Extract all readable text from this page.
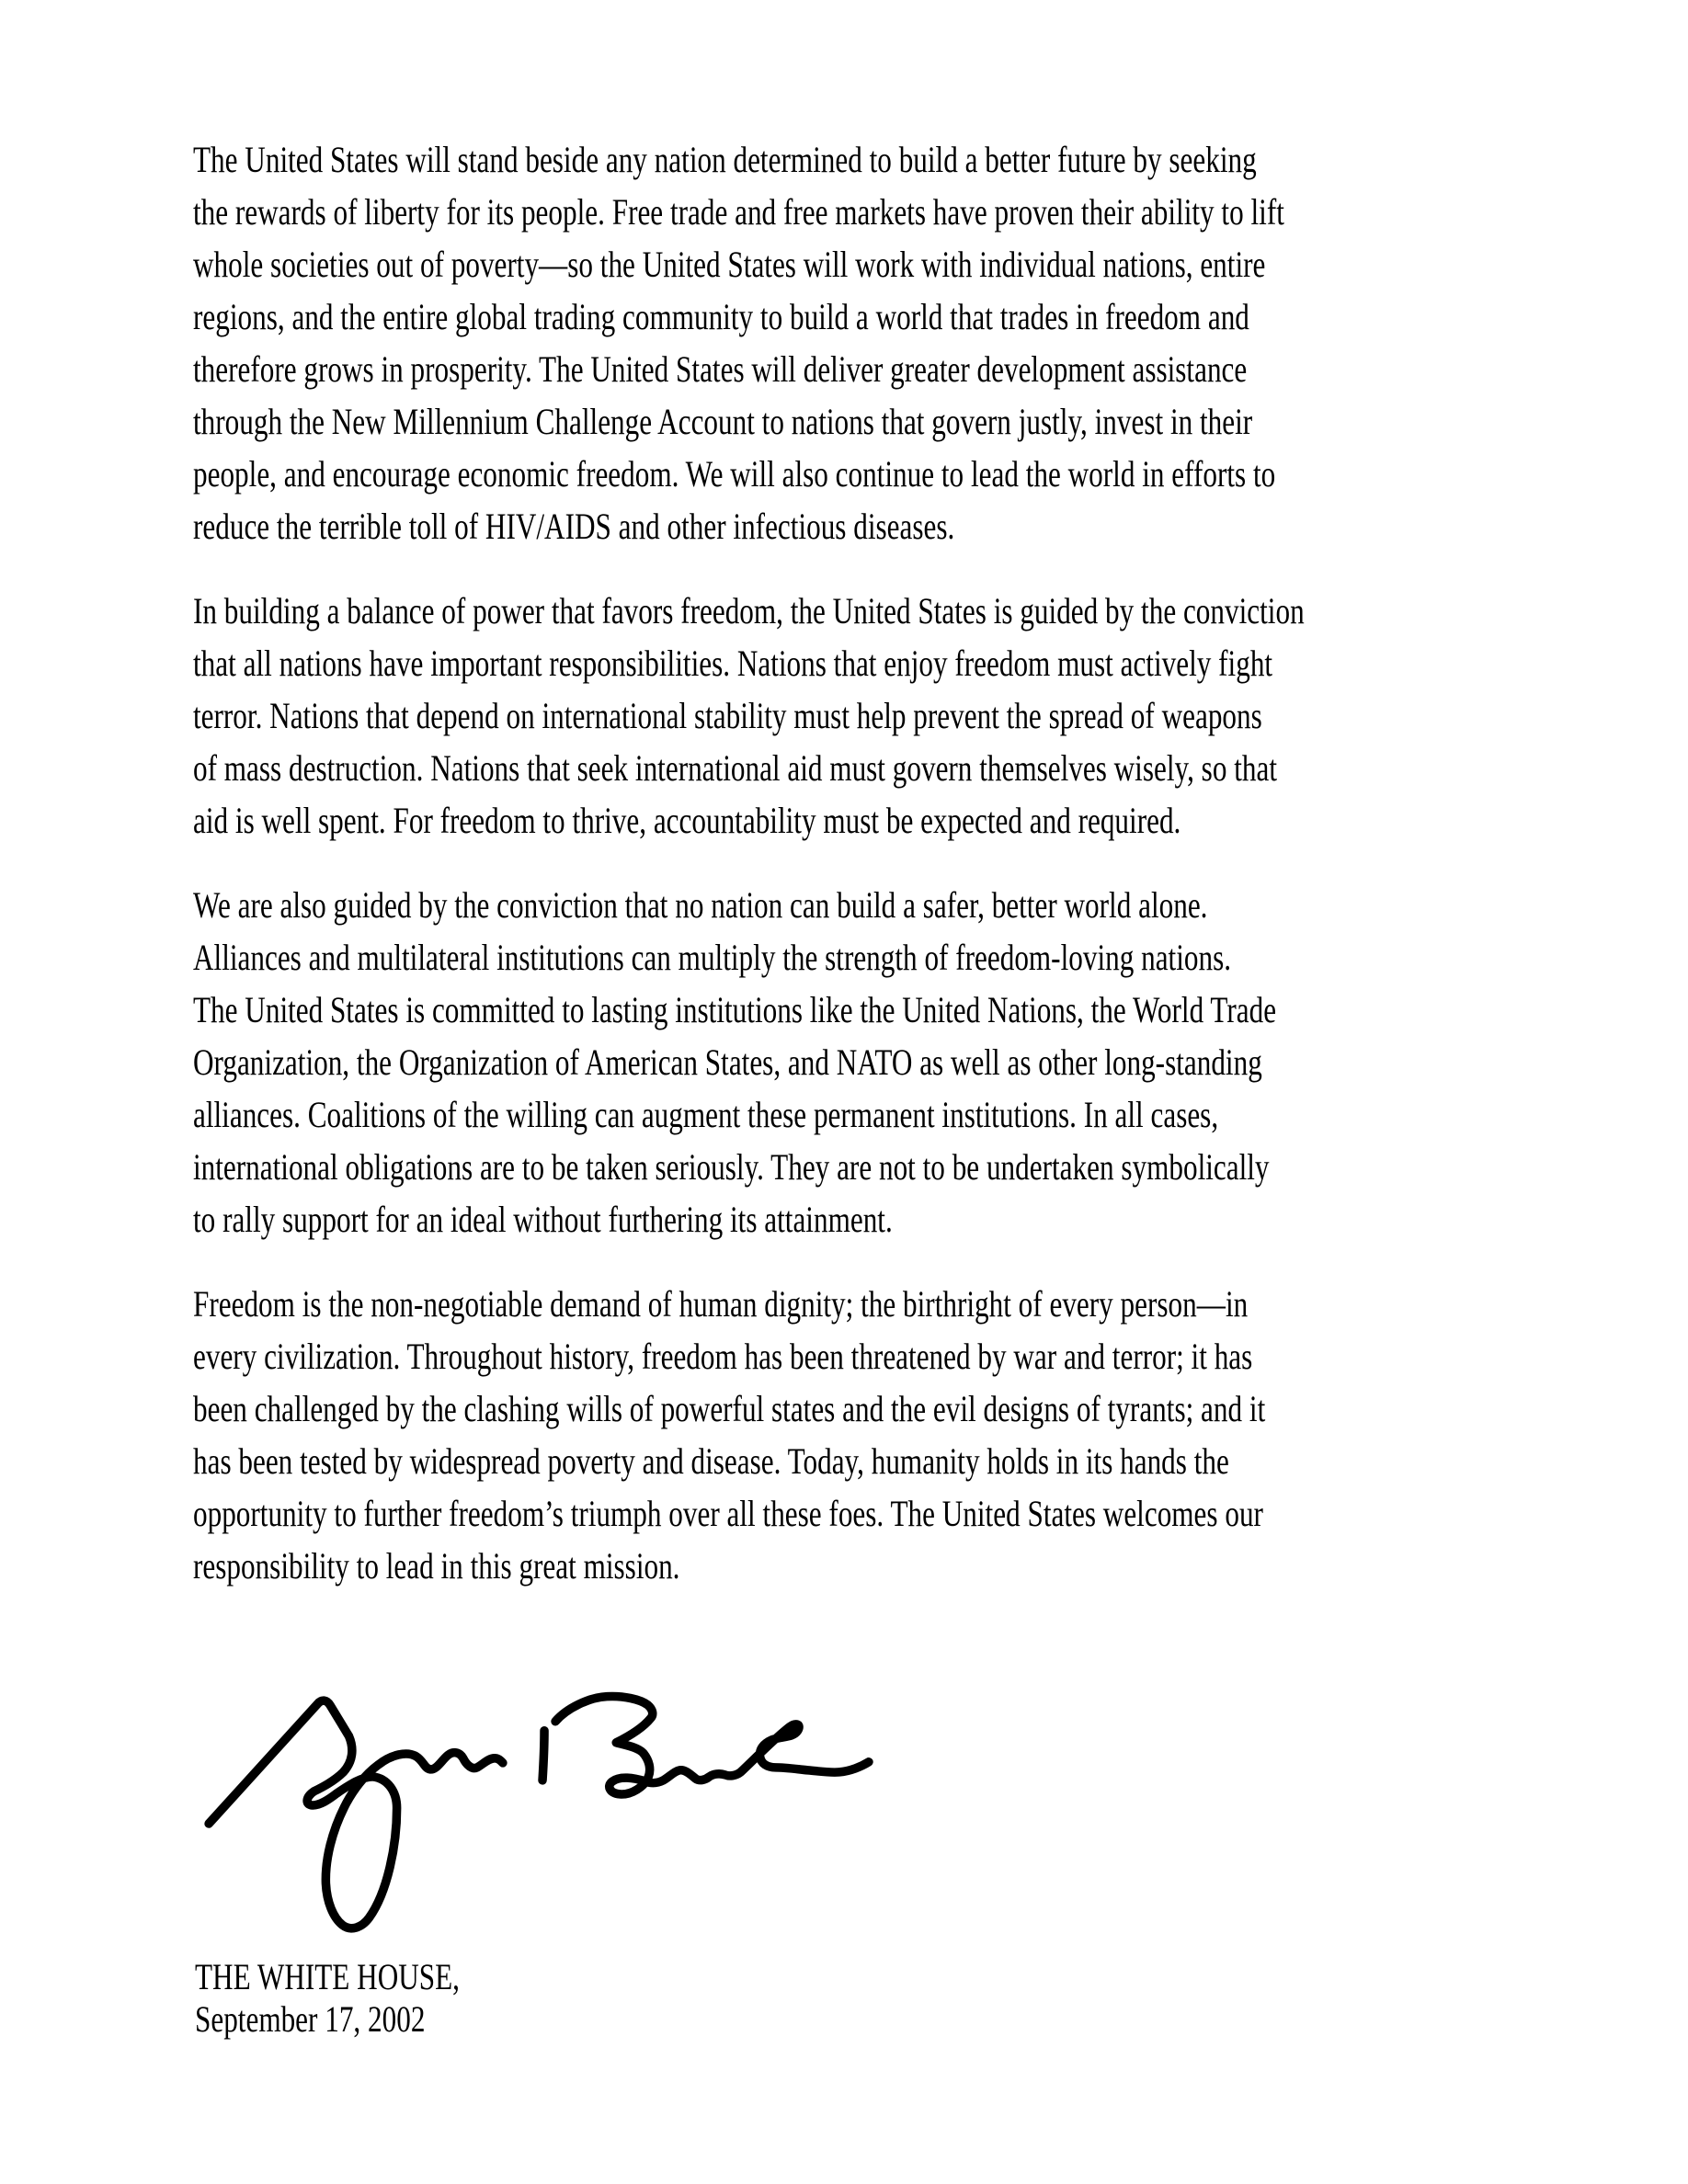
The United States will stand beside any nation determined to build a better future by seeking
the rewards of liberty for its people. Free trade and free markets have proven their ability to lift
whole societies out of poverty—so the United States will work with individual nations, entire
regions, and the entire global trading community to build a world that trades in freedom and
therefore grows in prosperity. The United States will deliver greater development assistance
through the New Millennium Challenge Account to nations that govern justly, invest in their
people, and encourage economic freedom. We will also continue to lead the world in efforts to
reduce the terrible toll of HIV/AIDS and other infectious diseases.
In building a balance of power that favors freedom, the United States is guided by the conviction
that all nations have important responsibilities. Nations that enjoy freedom must actively fight
terror. Nations that depend on international stability must help prevent the spread of weapons
of mass destruction. Nations that seek international aid must govern themselves wisely, so that
aid is well spent. For freedom to thrive, accountability must be expected and required.
We are also guided by the conviction that no nation can build a safer, better world alone.
Alliances and multilateral institutions can multiply the strength of freedom-loving nations.
The United States is committed to lasting institutions like the United Nations, the World Trade
Organization, the Organization of American States, and NATO as well as other long-standing
alliances. Coalitions of the willing can augment these permanent institutions. In all cases,
international obligations are to be taken seriously. They are not to be undertaken symbolically
to rally support for an ideal without furthering its attainment.
Freedom is the non-negotiable demand of human dignity; the birthright of every person—in
every civilization. Throughout history, freedom has been threatened by war and terror; it has
been challenged by the clashing wills of powerful states and the evil designs of tyrants; and it
has been tested by widespread poverty and disease. Today, humanity holds in its hands the
opportunity to further freedom’s triumph over all these foes. The United States welcomes our
responsibility to lead in this great mission.
THE WHITE HOUSE,
September 17, 2002
